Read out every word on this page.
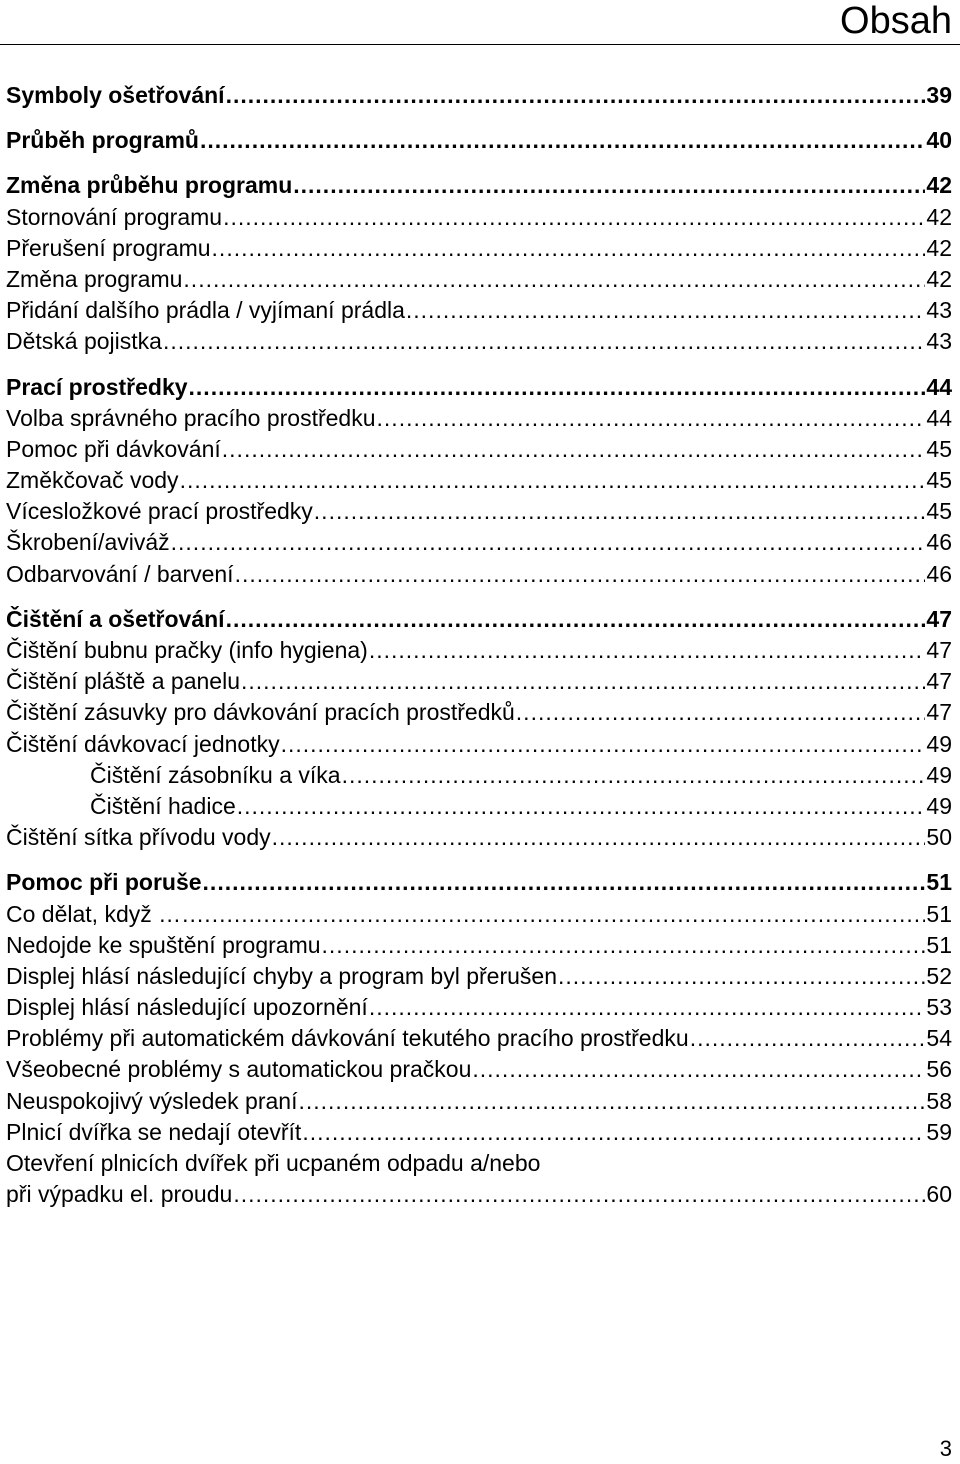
Obsah
Symboly ošetřování .....	39
Průběh programů .....	40
Změna průběhu programu .....	42
Stornování programu .....	42
Přerušení programu .....	42
Změna programu .....	42
Přidání dalšího prádla / vyjímaní prádla .....	43
Dětská pojistka .....	43
Prací prostředky .....	44
Volba správného pracího prostředku .....	44
Pomoc při dávkování .....	45
Změkčovač vody .....	45
Vícesložkové prací prostředky .....	45
Škrobení/aviváž .....	46
Odbarvování / barvení .....	46
Čištění a ošetřování .....	47
Čištění bubnu pračky (info hygiena) .....	47
Čištění pláště a panelu .....	47
Čištění zásuvky pro dávkování pracích prostředků .....	47
Čištění dávkovací jednotky .....	49
Čištění zásobníku a víka .....	49
Čištění hadice .....	49
Čištění sítka přívodu vody .....	50
Pomoc při poruše .....	51
Co dělat, když … .....	51
Nedojde ke spuštění programu .....	51
Displej hlásí následující chyby a program byl přerušen .....	52
Displej hlásí následující upozornění .....	53
Problémy při automatickém dávkování tekutého pracího prostředku .....	54
Všeobecné problémy s automatickou pračkou .....	56
Neuspokojivý výsledek praní .....	58
Plnicí dvířka se nedají otevřít .....	59
Otevření plnicích dvířek při ucpaném odpadu a/nebo
při výpadku el. proudu .....	60
3
